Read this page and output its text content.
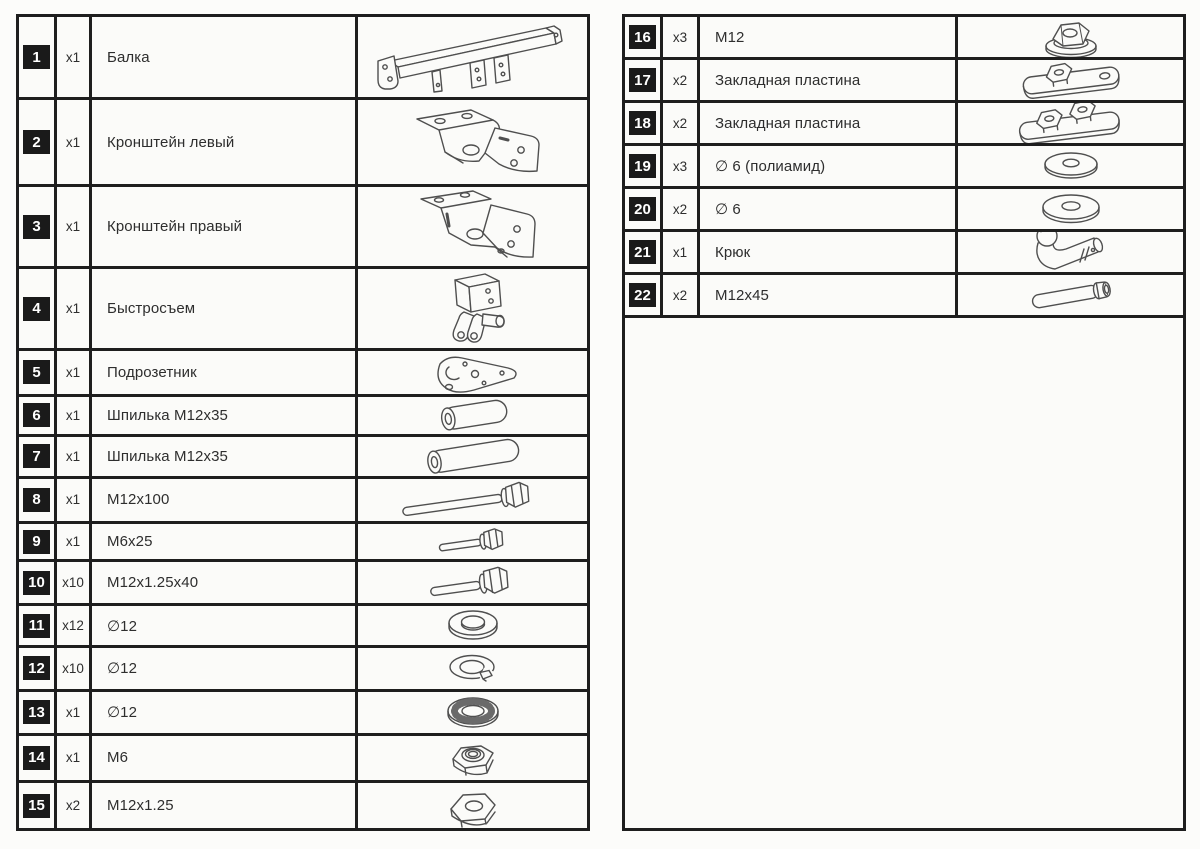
1	x1	Балка
2	x1	Кронштейн левый
3	x1	Кронштейн правый
4	x1	Быстросъем
5	x1	Подрозетник
6	x1	Шпилька М12х35
7	x1	Шпилька М12х35
8	x1	М12х100
9	x1	М6х25
10	x10	М12х1.25х40
11	x12	∅12
12	x10	∅12
13	x1	∅12
14	x1	М6
15	x2	М12х1.25
16	x3	М12
17	x2	Закладная пластина
18	x2	Закладная пластина
19	x3	∅ 6 (полиамид)
20	x2	∅ 6
21	x1	Крюк
22	x2	М12х45
